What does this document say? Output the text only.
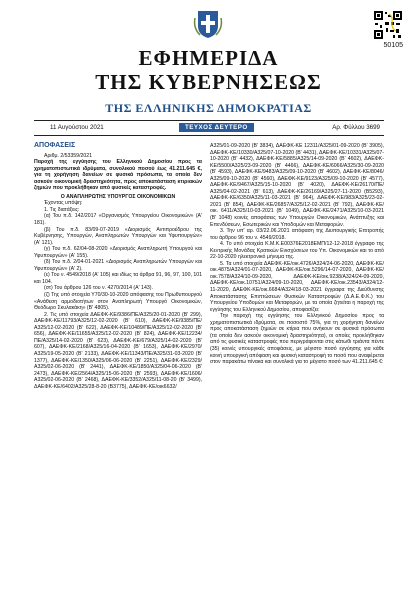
50105
ΕΦΗΜΕΡΙΔΑ
ΤΗΣ ΚΥΒΕΡΝΗΣΕΩΣ
ΤΗΣ ΕΛΛΗΝΙΚΗΣ ΔΗΜΟΚΡΑΤΙΑΣ
11 Αυγούστου 2021	ΤΕΥΧΟΣ ΔΕΥΤΕΡΟ	Αρ. Φύλλου 3699
ΑΠΟΦΑΣΕΙΣ
Αριθμ. 2/53359/2021
Παροχή της εγγύησης του Ελληνικού Δημοσίου προς τα χρηματοπιστωτικά ιδρύματα, συνολικού ποσού έως 41.211.645 €, για τη χορήγηση δανείων σε φυσικά πρόσωπα, τα οποία δεν ασκούν οικονομική δραστηριότητα, προς αποκατάσταση κτιριακών ζημιών που προκλήθηκαν από φυσικές καταστροφές.
Ο ΑΝΑΠΛΗΡΩΤΗΣ ΥΠΟΥΡΓΟΣ ΟΙΚΟΝΟΜΙΚΩΝ

Έχοντας υπόψη:

1. Τις διατάξεις:

(α) Του π.δ. 142/2017 «Οργανισμός Υπουργείου Οικονομικών» (Α' 181).

(β) Του π.δ. 83/09-07-2019 «Διορισμός Αντιπροέδρου της Κυβέρνησης, Υπουργών, Αναπληρωτών Υπουργών και Υφυπουργών» (Α' 121).

(γ) Του π.δ. 62/04-08-2020 «Διορισμός Αναπληρωτή Υπουργού και Υφυπουργών» (Α' 155).

(δ) Του π.δ. 2/04-01-2021 «Διορισμός Αναπληρωτών Υπουργών και Υφυπουργών» (Α' 2).

(ε) Του ν. 4549/2018 (Α' 105) και ιδίως τα άρθρα 91, 96, 97, 100, 101 και 104.

(στ) Του άρθρου 126 του ν. 4270/2014 (Α' 143).

(ζ) Της υπό στοιχεία Υ70/30-10-2020 απόφασης του Πρωθυπουργού «Ανάθεση αρμοδιοτήτων στον Αναπληρωτή Υπουργό Οικονομικών, Θεόδωρο Σκυλακάκη» (Β' 4805).

2. Τις υπό στοιχεία ΔΑΕΦΚ-ΚΕ/9386/ΠΕ/Α325/20-01-2020 (Β' 299), ΔΑΕΦΚ-ΚΕ/11793/Α325/12-02-2020 (Β' 610), ΔΑΕΦΚ-ΚΕ/9385/ΠΕ/Α325/12-02-2020 (Β' 622), ΔΑΕΦΚ-ΚΕ/10489/ΠΕ/Α325/12-02-2020 (Β' 656), ΔΑΕΦΚ-ΚΕ/11655/Α325/12-02-2020 (Β' 824), ΔΑΕΦΚ-ΚΕ/12234/ΠΕ/Α325/14-02-2020 (Β' 623), ΔΑΕΦΚ-ΚΕ/679/Α325/14-02-2020 (Β' 607), ΔΑΕΦΚ-ΚΕ/2168/Α325/16-04-2020 (Β' 1653), ΔΑΕΦΚ-ΚΕ/2970/Α325/19-05-2020 (Β' 2133), ΔΑΕΦΚ-ΚΕ/11343/ΠΕ/Α325/31-03-2020 (Β' 1377), ΔΑΕΦΚ-ΚΕ/1350/Α325/06-06-2020 (Β' 2251), ΔΑΕΦΚ-ΚΕ/2329/Α325/02-06-2020 (Β' 2441), ΔΑΕΦΚ-ΚΕ/1850/Α325/04-06-2020 (Β' 2473), ΔΑΕΦΚ-ΚΕ/2564/Α325/15-06-2020 (Β' 2593), ΔΑΕΦΚ-ΚΕ/1606/Α325/02-06-2020 (Β' 2468), ΔΑΕΦΚ-ΚΕ/3352/Α325/11-08-20 (Β' 3499), ΔΑΕΦΚ-ΚΕ/6402/Α325/28-8-20 (Β3775), ΔΑΕΦΚ-ΚΕ/οικ6632/

Α325/01-09-2020 (Β' 3834), ΔΑΕΦΚ-ΚΕ 12311/Α325/01-09-2020 (Β' 3905), ΔΑΕΦΚ-ΚΕ/10330/Α325/07-10-2020 (Β' 4431), ΔΑΕΦΚ-ΚΕ/10331/Α325/07-10-2020 (Β' 4432), ΔΑΕΦΚ-ΚΕ/5885/Α325/14-09-2020 (Β' 4602), ΔΑΕΦΚ-ΚΕ/5500/Α325/23-09-2020 (Β' 4466), ΔΑΕΦΚ-ΚΕ/6066/Α325/30-09-2020 (Β' 4593), ΔΑΕΦΚ-ΚΕ/9483/Α325/09-10-2020 (Β' 4602), ΔΑΕΦΚ-ΚΕ/8046/Α325/09-10-2020 (Β' 4560), ΔΑΕΦΚ-ΚΕ/9123/Α325/09-10-2020 (Β' 4577), ΔΑΕΦΚ-ΚΕ/9467/Α325/15-10-2020 (Β' 4020), ΔΑΕΦΚ-ΚΕ/26170/ΠΕ/Α325/04-02-2021 (Β' 613), ΔΑΕΦΚ-ΚΕ/26169/Α325/27-11-2020 (Β5293), ΔΑΕΦΚ-ΚΕ/6350/Α325/11-03-2021 (Β' 964), ΔΑΕΦΚ-ΚΕ/983/Α325/23-02-2021 (Β' 854), ΔΑΕΦΚ-ΚΕ/26857/Α325/12-02-2021 (Β' 792), ΔΑΕΦΚ-ΚΕ/οικ. 6411/Α325/10-03-2021 (Β' 1049), ΔΑΕΦΚ-ΚΕ/2471/Α325/10-03-2021 (Β' 1048) κοινές αποφάσεις των Υπουργών Οικονομικών, Ανάπτυξης και Επενδύσεων, Εσωτερικών και Υποδομών και Μεταφορών.

3. Την υπ' αρ. 03/22.06.2021 απόφαση της Διυπουργικής Επιτροπής του άρθρου 96 του ν. 4549/2018.

4. Το υπό στοιχεία Κ.Μ.Κ.Ε00376Ε2018ΕΜΠ/12-12-2018 έγγραφο της Κεντρικής Μονάδας Κρατικών Ενισχύσεων του Υπ. Οικονομικών και το από 22-10-2020 ηλεκτρονικό μήνυμα της.

5. Τα υπό στοιχεία ΔΑΕΦΚ-ΚΕ/οικ.4726/Α324/24-06-2020, ΔΑΕΦΚ-ΚΕ/οικ.4875/Α324/01-07-2020, ΔΑΕΦΚ-ΚΕ/οικ.5296/14-07-2020, ΔΑΕΦΚ-ΚΕ/οικ.7578/Α324/10-09-2020, ΔΑΕΦΚ-ΚΕ/οικ.9238/Α324/24-09-2020, ΔΑΕΦΚ-ΚΕ/οικ.10751/Α324/09-10-2020, ΔΑΕΦΚ-ΚΕ/οικ.23543/Α324/12-11-2020, ΔΑΕΦΚ-ΚΕ/οικ.6684/Α324/18-03-2021 έγγραφα της Διεύθυνσης Αποκατάστασης Επιπτώσεων Φυσικών Καταστροφών (Δ.Α.Ε.Φ.Κ.) του Υπουργείου Υποδομών και Μεταφορών, με τα οποία ζητείται η παροχή της εγγύησης του Ελληνικού Δημοσίου, αποφασίζει:

Την παροχή της εγγύησης του Ελληνικού Δημοσίου προς τα χρηματοπιστωτικά ιδρύματα, σε ποσοστό 75%, για τη χορήγηση δανείων προς αποκατάσταση ζημιών σε κτίρια που ανήκουν σε φυσικά πρόσωπα (τα οποία δεν ασκούν οικονομική δραστηριότητα), οι οποίες προκλήθηκαν από τις φυσικές καταστροφές που περιγράφονται στις κάτωθι τριάντα πέντε (35) κοινές υπουργικές αποφάσεις, με μέγιστο ποσό εγγύησης για κάθε κοινή υπουργική απόφαση και φυσική καταστροφή το ποσό που αναφέρεται στον παρακάτω πίνακα και συνολικά για το μέγιστο ποσό των 41.211.645 €:
